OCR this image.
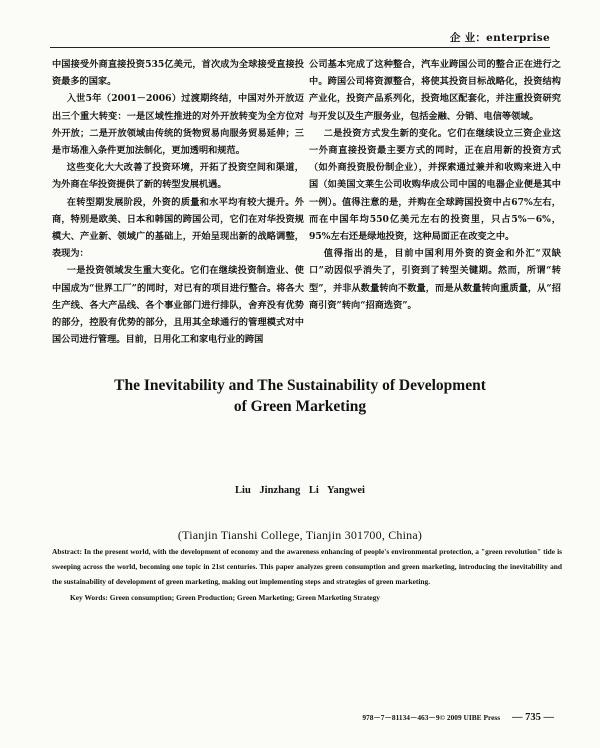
企 业：enterprise

中国接受外商直接投资535亿美元，首次成为全球接受直接投资最多的国家。

入世5年（2001－2006）过渡期终结，中国对外开放迈出三个重大转变：一是区域性推进的对外开放转变为全方位对外开放；二是开放领域由传统的货物贸易向服务贸易延伸；三是市场准入条件更加法制化，更加透明和规范。

这些变化大大改善了投资环境，开拓了投资空间和渠道，为外商在华投资提供了新的转型发展机遇。

在转型期发展阶段，外资的质量和水平均有较大提升。外商，特别是欧美、日本和韩国的跨国公司，它们在对华投资规模大、产业新、领域广的基础上，开始呈现出新的战略调整，表现为：

一是投资领域发生重大变化。它们在继续投资制造业、使中国成为“世界工厂”的同时，对已有的项目进行整合。将各大生产线、各大产品线、各个事业部门进行排队，舍弃没有优势的部分，控股有优势的部分，且用其全球通行的管理模式对中国公司进行管理。目前，日用化工和家电行业的跨国

公司基本完成了这种整合，汽车业跨国公司的整合正在进行之中。跨国公司将资源整合，将使其投资目标战略化，投资结构产业化，投资产品系列化，投资地区配套化，并注重投资研究与开发以及生产服务业，包括金融、分销、电信等领域。

二是投资方式发生新的变化。它们在继续设立三资企业这一外商直接投资最主要方式的同时，正在启用新的投资方式（如外商投资股份制企业），并探索通过兼并和收购来进入中国（如美国文莱生公司收购华成公司中国的电器企业便是其中一例）。值得注意的是，并购在全球跨国投资中占67%左右，而在中国年均550亿美元左右的投资里，只占5%－6%，95%左右还是绿地投资，这种局面正在改变之中。

值得指出的是，目前中国利用外资的资金和外汇“双缺口”动因似乎消失了，引资到了转型关键期。然而，所谓“转型”，并非从数量转向不数量，而是从数量转向重质量，从“招商引资”转向“招商选资”。

The Inevitability and The Sustainability of Development
of Green Marketing
Liu Jinzhang Li Yangwei
(Tianjin Tianshi College, Tianjin 301700, China)

Abstract: In the present world, with the development of economy and the awareness enhancing of people's environmental protection, a "green revolution" tide is sweeping across the world, becoming one topic in 21st centuries. This paper analyzes green consumption and green marketing, introducing the inevitability and the sustainability of development of green marketing, making out implementing steps and strategies of green marketing.

Key Words: Green consumption; Green Production; Green Marketing; Green Marketing Strategy

978－7－81134－463－9© 2009 UIBE Press — 735 —
